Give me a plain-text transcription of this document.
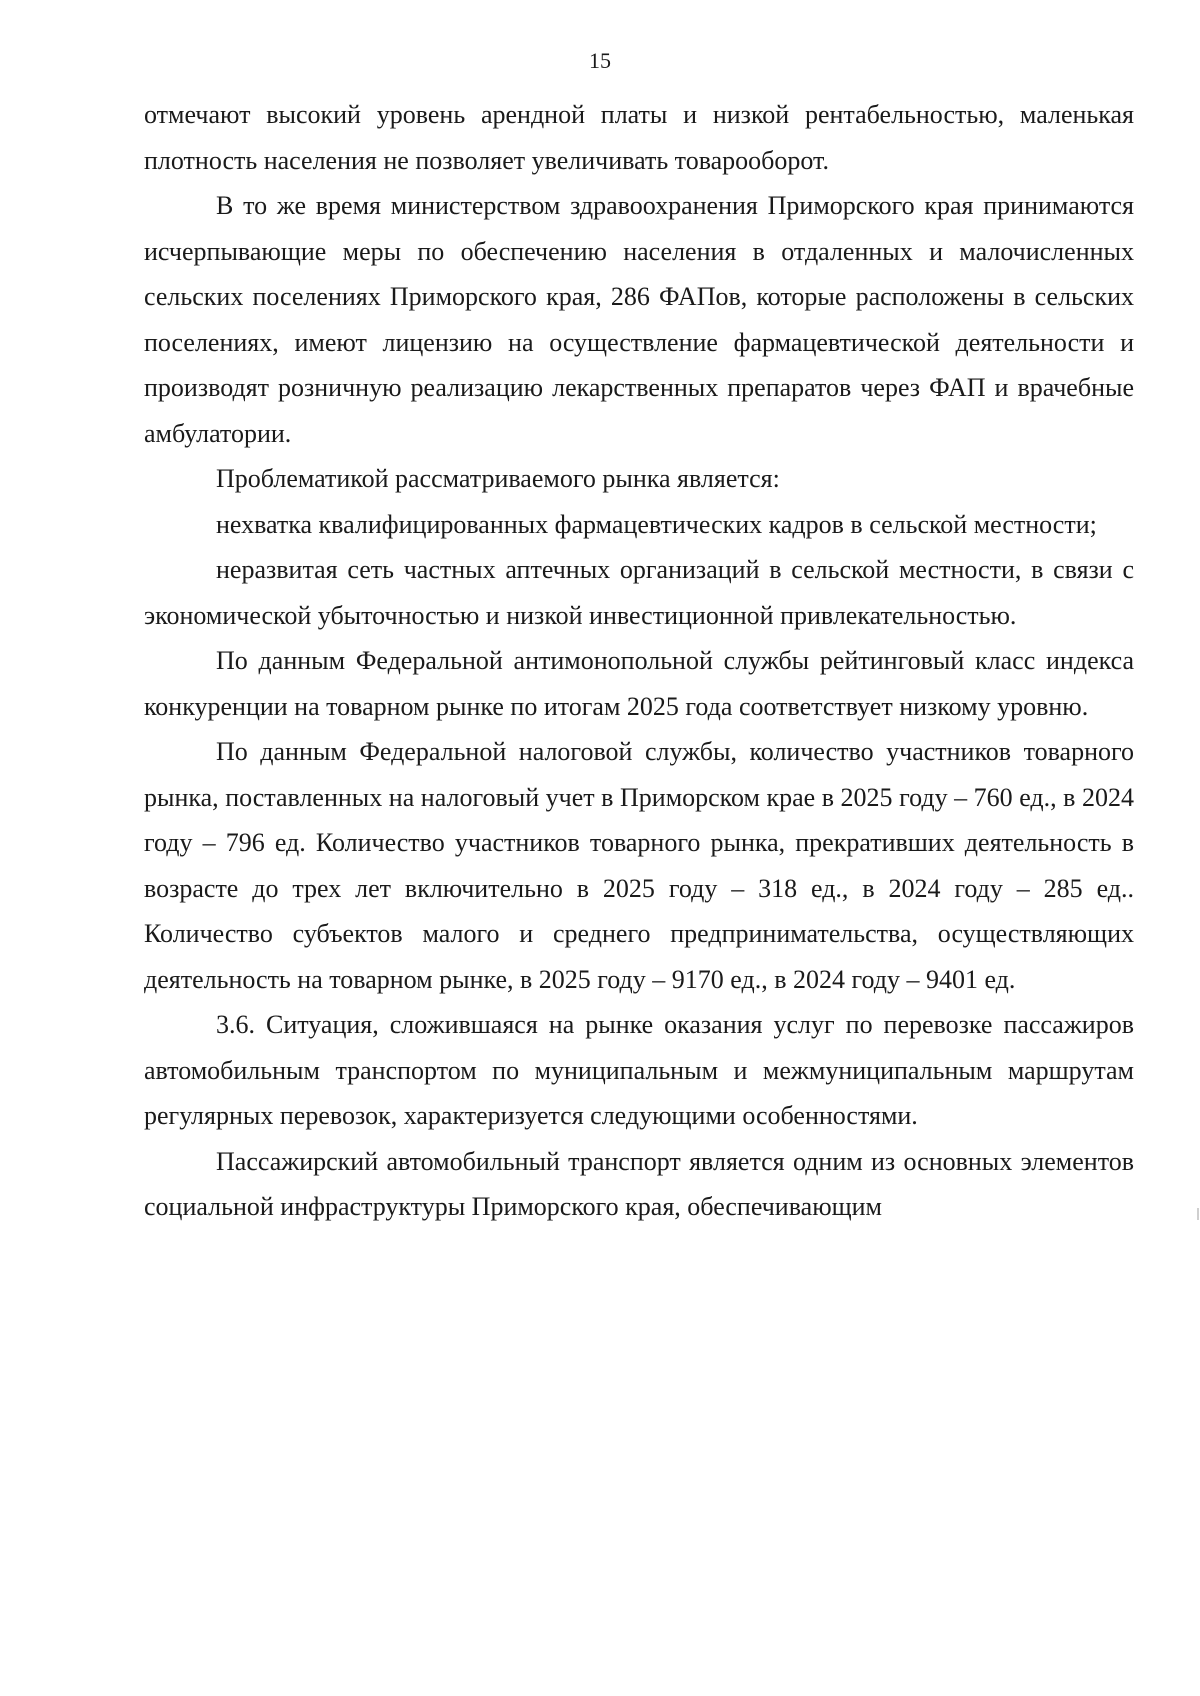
15

отмечают высокий уровень арендной платы и низкой рентабельностью, маленькая плотность населения не позволяет увеличивать товарооборот.

В то же время министерством здравоохранения Приморского края принимаются исчерпывающие меры по обеспечению населения в отдаленных и малочисленных сельских поселениях Приморского края, 286 ФАПов, которые расположены в сельских поселениях, имеют лицензию на осуществление фармацевтической деятельности и производят розничную реализацию лекарственных препаратов через ФАП и врачебные амбулатории.

Проблематикой рассматриваемого рынка является:

нехватка квалифицированных фармацевтических кадров в сельской местности;

неразвитая сеть частных аптечных организаций в сельской местности, в связи с экономической убыточностью и низкой инвестиционной привлекательностью.

По данным Федеральной антимонопольной службы рейтинговый класс индекса конкуренции на товарном рынке по итогам 2025 года соответствует низкому уровню.

По данным Федеральной налоговой службы, количество участников товарного рынка, поставленных на налоговый учет в Приморском крае в 2025 году – 760 ед., в 2024 году – 796 ед. Количество участников товарного рынка, прекративших деятельность в возрасте до трех лет включительно в 2025 году – 318 ед., в 2024 году – 285 ед.. Количество субъектов малого и среднего предпринимательства, осуществляющих деятельность на товарном рынке, в 2025 году – 9170 ед., в 2024 году – 9401 ед.

3.6. Ситуация, сложившаяся на рынке оказания услуг по перевозке пассажиров автомобильным транспортом по муниципальным и межмуниципальным маршрутам регулярных перевозок, характеризуется следующими особенностями.

Пассажирский автомобильный транспорт является одним из основных элементов социальной инфраструктуры Приморского края, обеспечивающим
